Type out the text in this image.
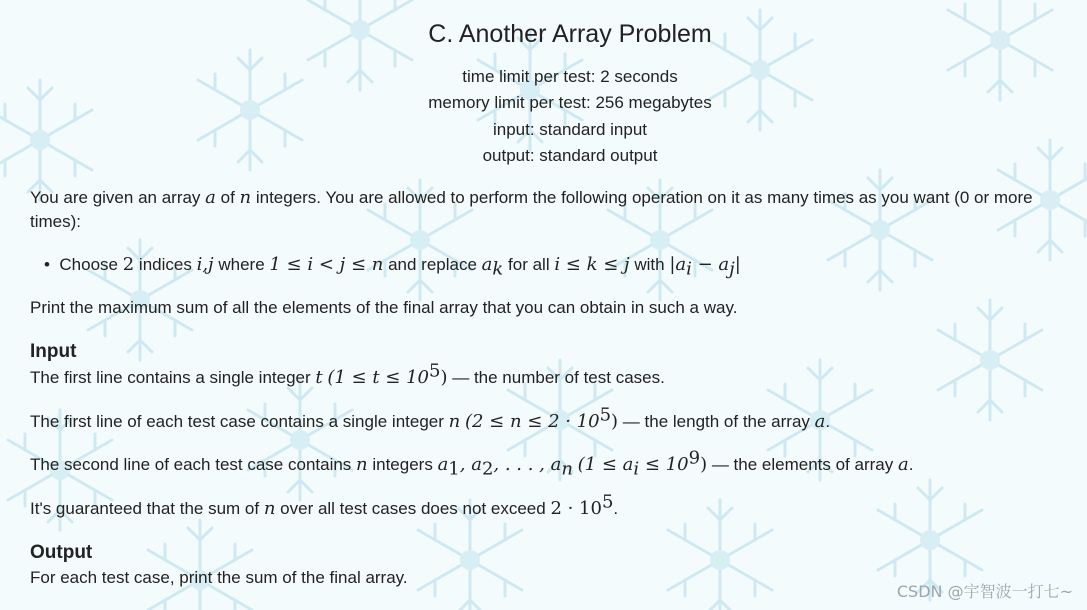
C. Another Array Problem
time limit per test: 2 seconds
memory limit per test: 256 megabytes
input: standard input
output: standard output
You are given an array a of n integers. You are allowed to perform the following operation on it as many times as you want (0 or more
times):
• Choose 2 indices i,j where 1 ≤ i < j ≤ n and replace $a_k$ for all i ≤ k ≤ j with $|a_i - a_j|$
Print the maximum sum of all the elements of the final array that you can obtain in such a way.
Input
The first line contains a single integer t $(1 \le t \le 10^5)$ — the number of test cases.
The first line of each test case contains a single integer n $(2 \le n \le 2 \cdot 10^5)$ — the length of the array a.
The second line of each test case contains n integers $a_1$, $a_2$, . . . , $a_n$ $(1 \le a_i \le 10^9)$ — the elements of array a.
It's guaranteed that the sum of n over all test cases does not exceed $2 \cdot 10^5$.
Output
For each test case, print the sum of the final array.
CSDN @宇智波一打七~
